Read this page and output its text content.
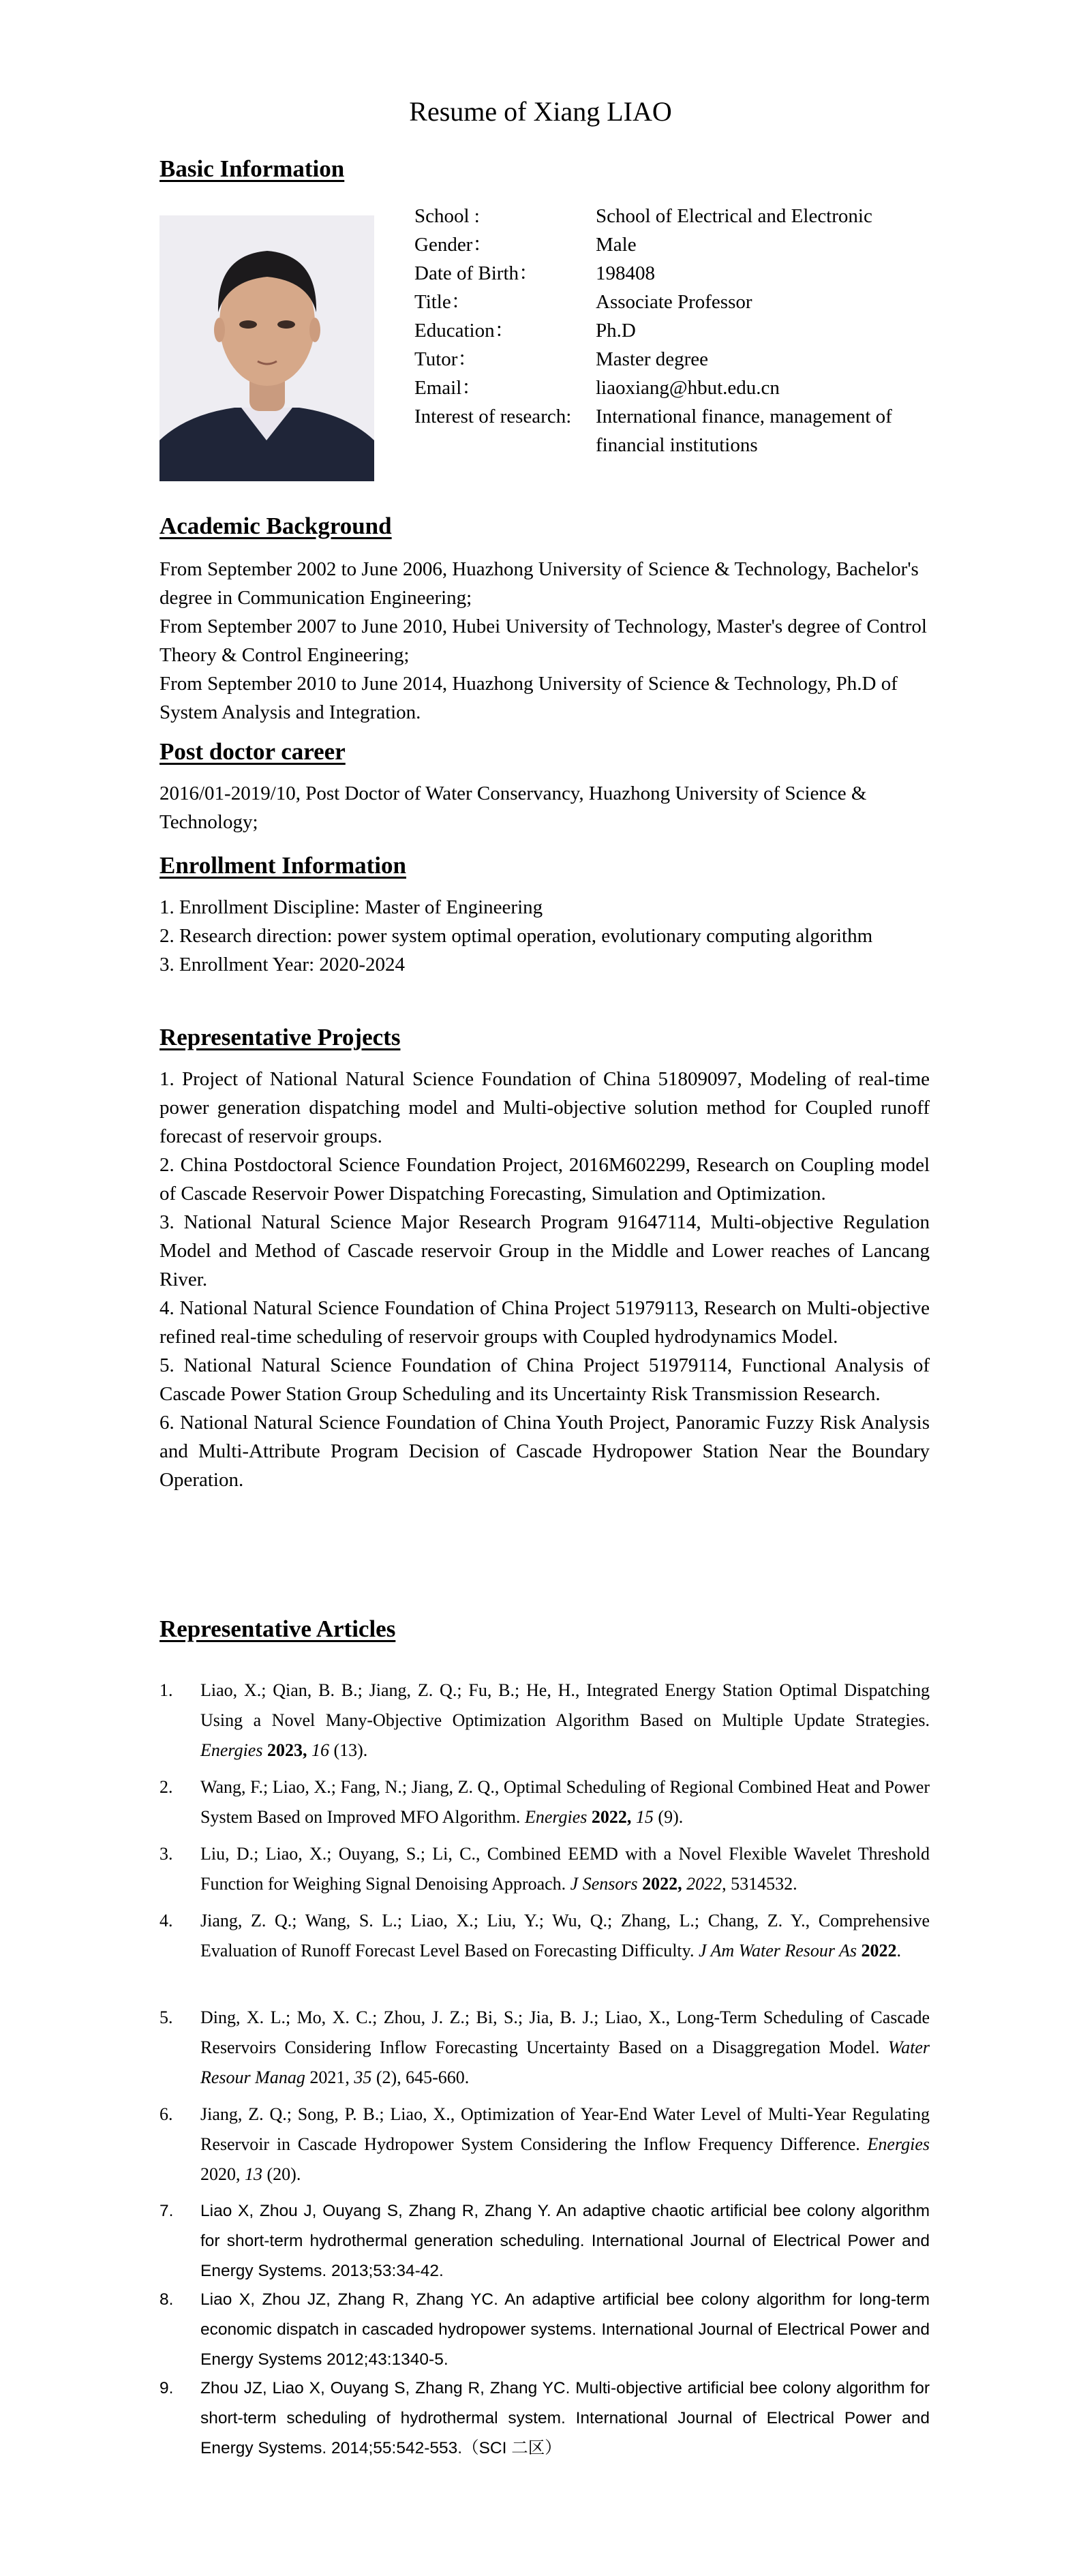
Resume of Xiang LIAO
Basic Information
School :	School of Electrical and Electronic
Gender：	Male
Date of Birth：	198408
Title：	Associate Professor
Education：	Ph.D
Tutor：	Master degree
Email：	liaoxiang@hbut.edu.cn
Interest of research:	International finance, management of financial institutions
Academic Background

From September 2002 to June 2006, Huazhong University of Science & Technology, Bachelor's degree in Communication Engineering;

From September 2007 to June 2010, Hubei University of Technology, Master's degree of Control Theory & Control Engineering;

From September 2010 to June 2014, Huazhong University of Science & Technology, Ph.D of System Analysis and Integration.

Post doctor career

2016/01-2019/10, Post Doctor of Water Conservancy, Huazhong University of Science & Technology;

Enrollment Information

1. Enrollment Discipline: Master of Engineering

2. Research direction: power system optimal operation, evolutionary computing algorithm

3. Enrollment Year: 2020-2024

Representative Projects

1. Project of National Natural Science Foundation of China 51809097, Modeling of real-time power generation dispatching model and Multi-objective solution method for Coupled runoff forecast of reservoir groups.

2. China Postdoctoral Science Foundation Project, 2016M602299, Research on Coupling model of Cascade Reservoir Power Dispatching Forecasting, Simulation and Optimization.

3. National Natural Science Major Research Program 91647114, Multi-objective Regulation Model and Method of Cascade reservoir Group in the Middle and Lower reaches of Lancang River.

4. National Natural Science Foundation of China Project 51979113, Research on Multi-objective refined real-time scheduling of reservoir groups with Coupled hydrodynamics Model.

5. National Natural Science Foundation of China Project 51979114, Functional Analysis of Cascade Power Station Group Scheduling and its Uncertainty Risk Transmission Research.

6. National Natural Science Foundation of China Youth Project, Panoramic Fuzzy Risk Analysis and Multi-Attribute Program Decision of Cascade Hydropower Station Near the Boundary Operation.

Representative Articles
1.	Liao, X.; Qian, B. B.; Jiang, Z. Q.; Fu, B.; He, H., Integrated Energy Station Optimal Dispatching Using a Novel Many-Objective Optimization Algorithm Based on Multiple Update Strategies. Energies 2023, 16 (13).
2.	Wang, F.; Liao, X.; Fang, N.; Jiang, Z. Q., Optimal Scheduling of Regional Combined Heat and Power System Based on Improved MFO Algorithm. Energies 2022, 15 (9).
3.	Liu, D.; Liao, X.; Ouyang, S.; Li, C., Combined EEMD with a Novel Flexible Wavelet Threshold Function for Weighing Signal Denoising Approach. J Sensors 2022, 2022, 5314532.
4.	Jiang, Z. Q.; Wang, S. L.; Liao, X.; Liu, Y.; Wu, Q.; Zhang, L.; Chang, Z. Y., Comprehensive Evaluation of Runoff Forecast Level Based on Forecasting Difficulty. J Am Water Resour As 2022.
5.	Ding, X. L.; Mo, X. C.; Zhou, J. Z.; Bi, S.; Jia, B. J.; Liao, X., Long-Term Scheduling of Cascade Reservoirs Considering Inflow Forecasting Uncertainty Based on a Disaggregation Model. Water Resour Manag 2021, 35 (2), 645-660.
6.	Jiang, Z. Q.; Song, P. B.; Liao, X., Optimization of Year-End Water Level of Multi-Year Regulating Reservoir in Cascade Hydropower System Considering the Inflow Frequency Difference. Energies 2020, 13 (20).
7.	Liao X, Zhou J, Ouyang S, Zhang R, Zhang Y. An adaptive chaotic artificial bee colony algorithm for short-term hydrothermal generation scheduling. International Journal of Electrical Power and Energy Systems. 2013;53:34-42.
8.	Liao X, Zhou JZ, Zhang R, Zhang YC. An adaptive artificial bee colony algorithm for long-term economic dispatch in cascaded hydropower systems. International Journal of Electrical Power and Energy Systems 2012;43:1340-5.
9.	Zhou JZ, Liao X, Ouyang S, Zhang R, Zhang YC. Multi-objective artificial bee colony algorithm for short-term scheduling of hydrothermal system. International Journal of Electrical Power and Energy Systems. 2014;55:542-553.（SCI 二区）
